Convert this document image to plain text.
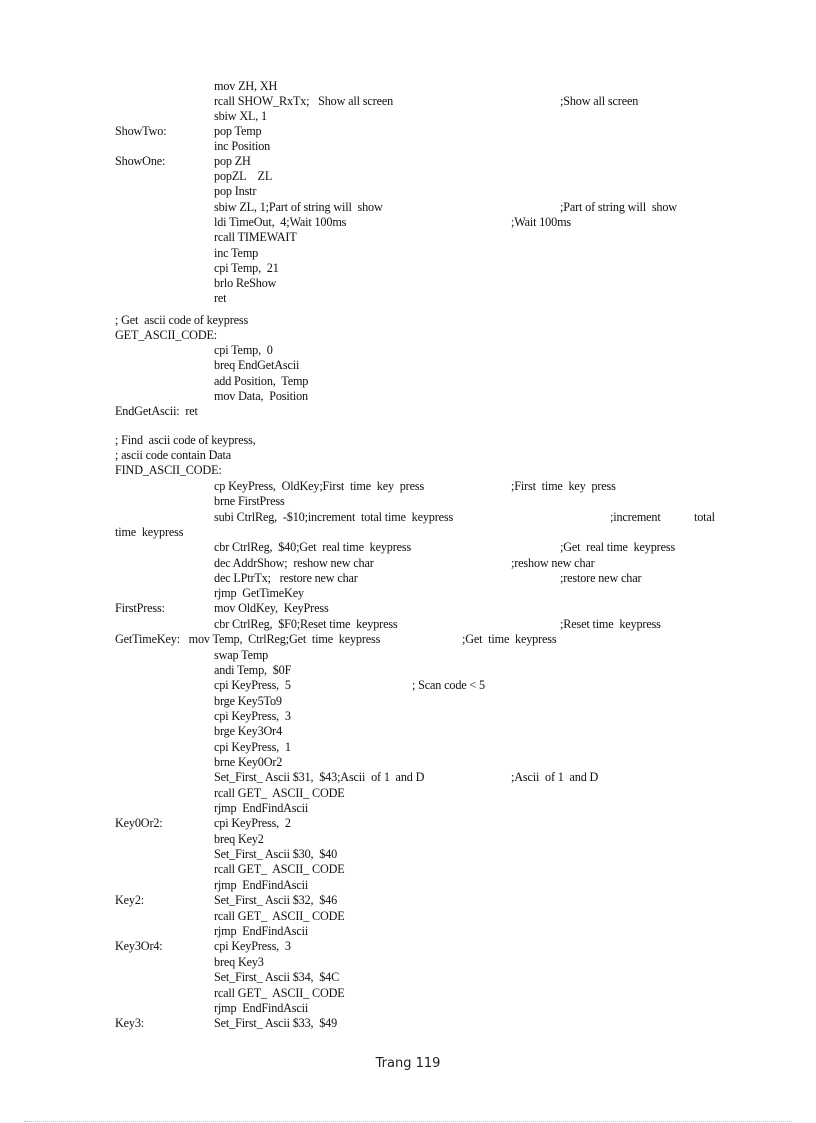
mov ZH, XH
rcall SHOW_RxTx;   Show all screen	;Show all screen
sbiw XL, 1
ShowTwo:	pop Temp
inc Position
ShowOne:	pop ZH
popZL    ZL
pop Instr
sbiw ZL, 1;Part of string will  show	;Part of string will  show
ldi TimeOut,  4;Wait 100ms	;Wait 100ms
rcall TIMEWAIT
inc Temp
cpi Temp,  21
brlo ReShow
ret
; Get  ascii code of keypress
GET_ASCII_CODE:
cpi Temp,  0
breq EndGetAscii
add Position,  Temp
mov Data,  Position
EndGetAscii:  ret
; Find  ascii code of keypress,
; ascii code contain Data
FIND_ASCII_CODE:
cp KeyPress,  OldKey;First  time  key  press	;First  time  key  press
brne FirstPress
subi CtrlReg,  -$10;increment  total time  keypress	;increment	total
time  keypress
cbr CtrlReg,  $40;Get  real time  keypress	;Get  real time  keypress
dec AddrShow;  reshow new char	;reshow new char
dec LPtrTx;   restore new char	;restore new char
rjmp  GetTimeKey
FirstPress:	mov OldKey,  KeyPress
cbr CtrlReg,  $F0;Reset time  keypress	;Reset time  keypress
GetTimeKey:   mov Temp,  CtrlReg;Get  time  keypress	;Get  time  keypress
swap Temp
andi Temp,  $0F
cpi KeyPress,  5	; Scan code < 5
brge Key5To9
cpi KeyPress,  3
brge Key3Or4
cpi KeyPress,  1
brne Key0Or2
Set_First_ Ascii $31,  $43;Ascii  of 1  and D	;Ascii  of 1  and D
rcall GET_  ASCII_ CODE
rjmp  EndFindAscii
Key0Or2:	cpi KeyPress,  2
breq Key2
Set_First_ Ascii $30,  $40
rcall GET_  ASCII_ CODE
rjmp  EndFindAscii
Key2:	Set_First_ Ascii $32,  $46
rcall GET_  ASCII_ CODE
rjmp  EndFindAscii
Key3Or4:	cpi KeyPress,  3
breq Key3
Set_First_ Ascii $34,  $4C
rcall GET_  ASCII_ CODE
rjmp  EndFindAscii
Key3:	Set_First_ Ascii $33,  $49
Trang 119
